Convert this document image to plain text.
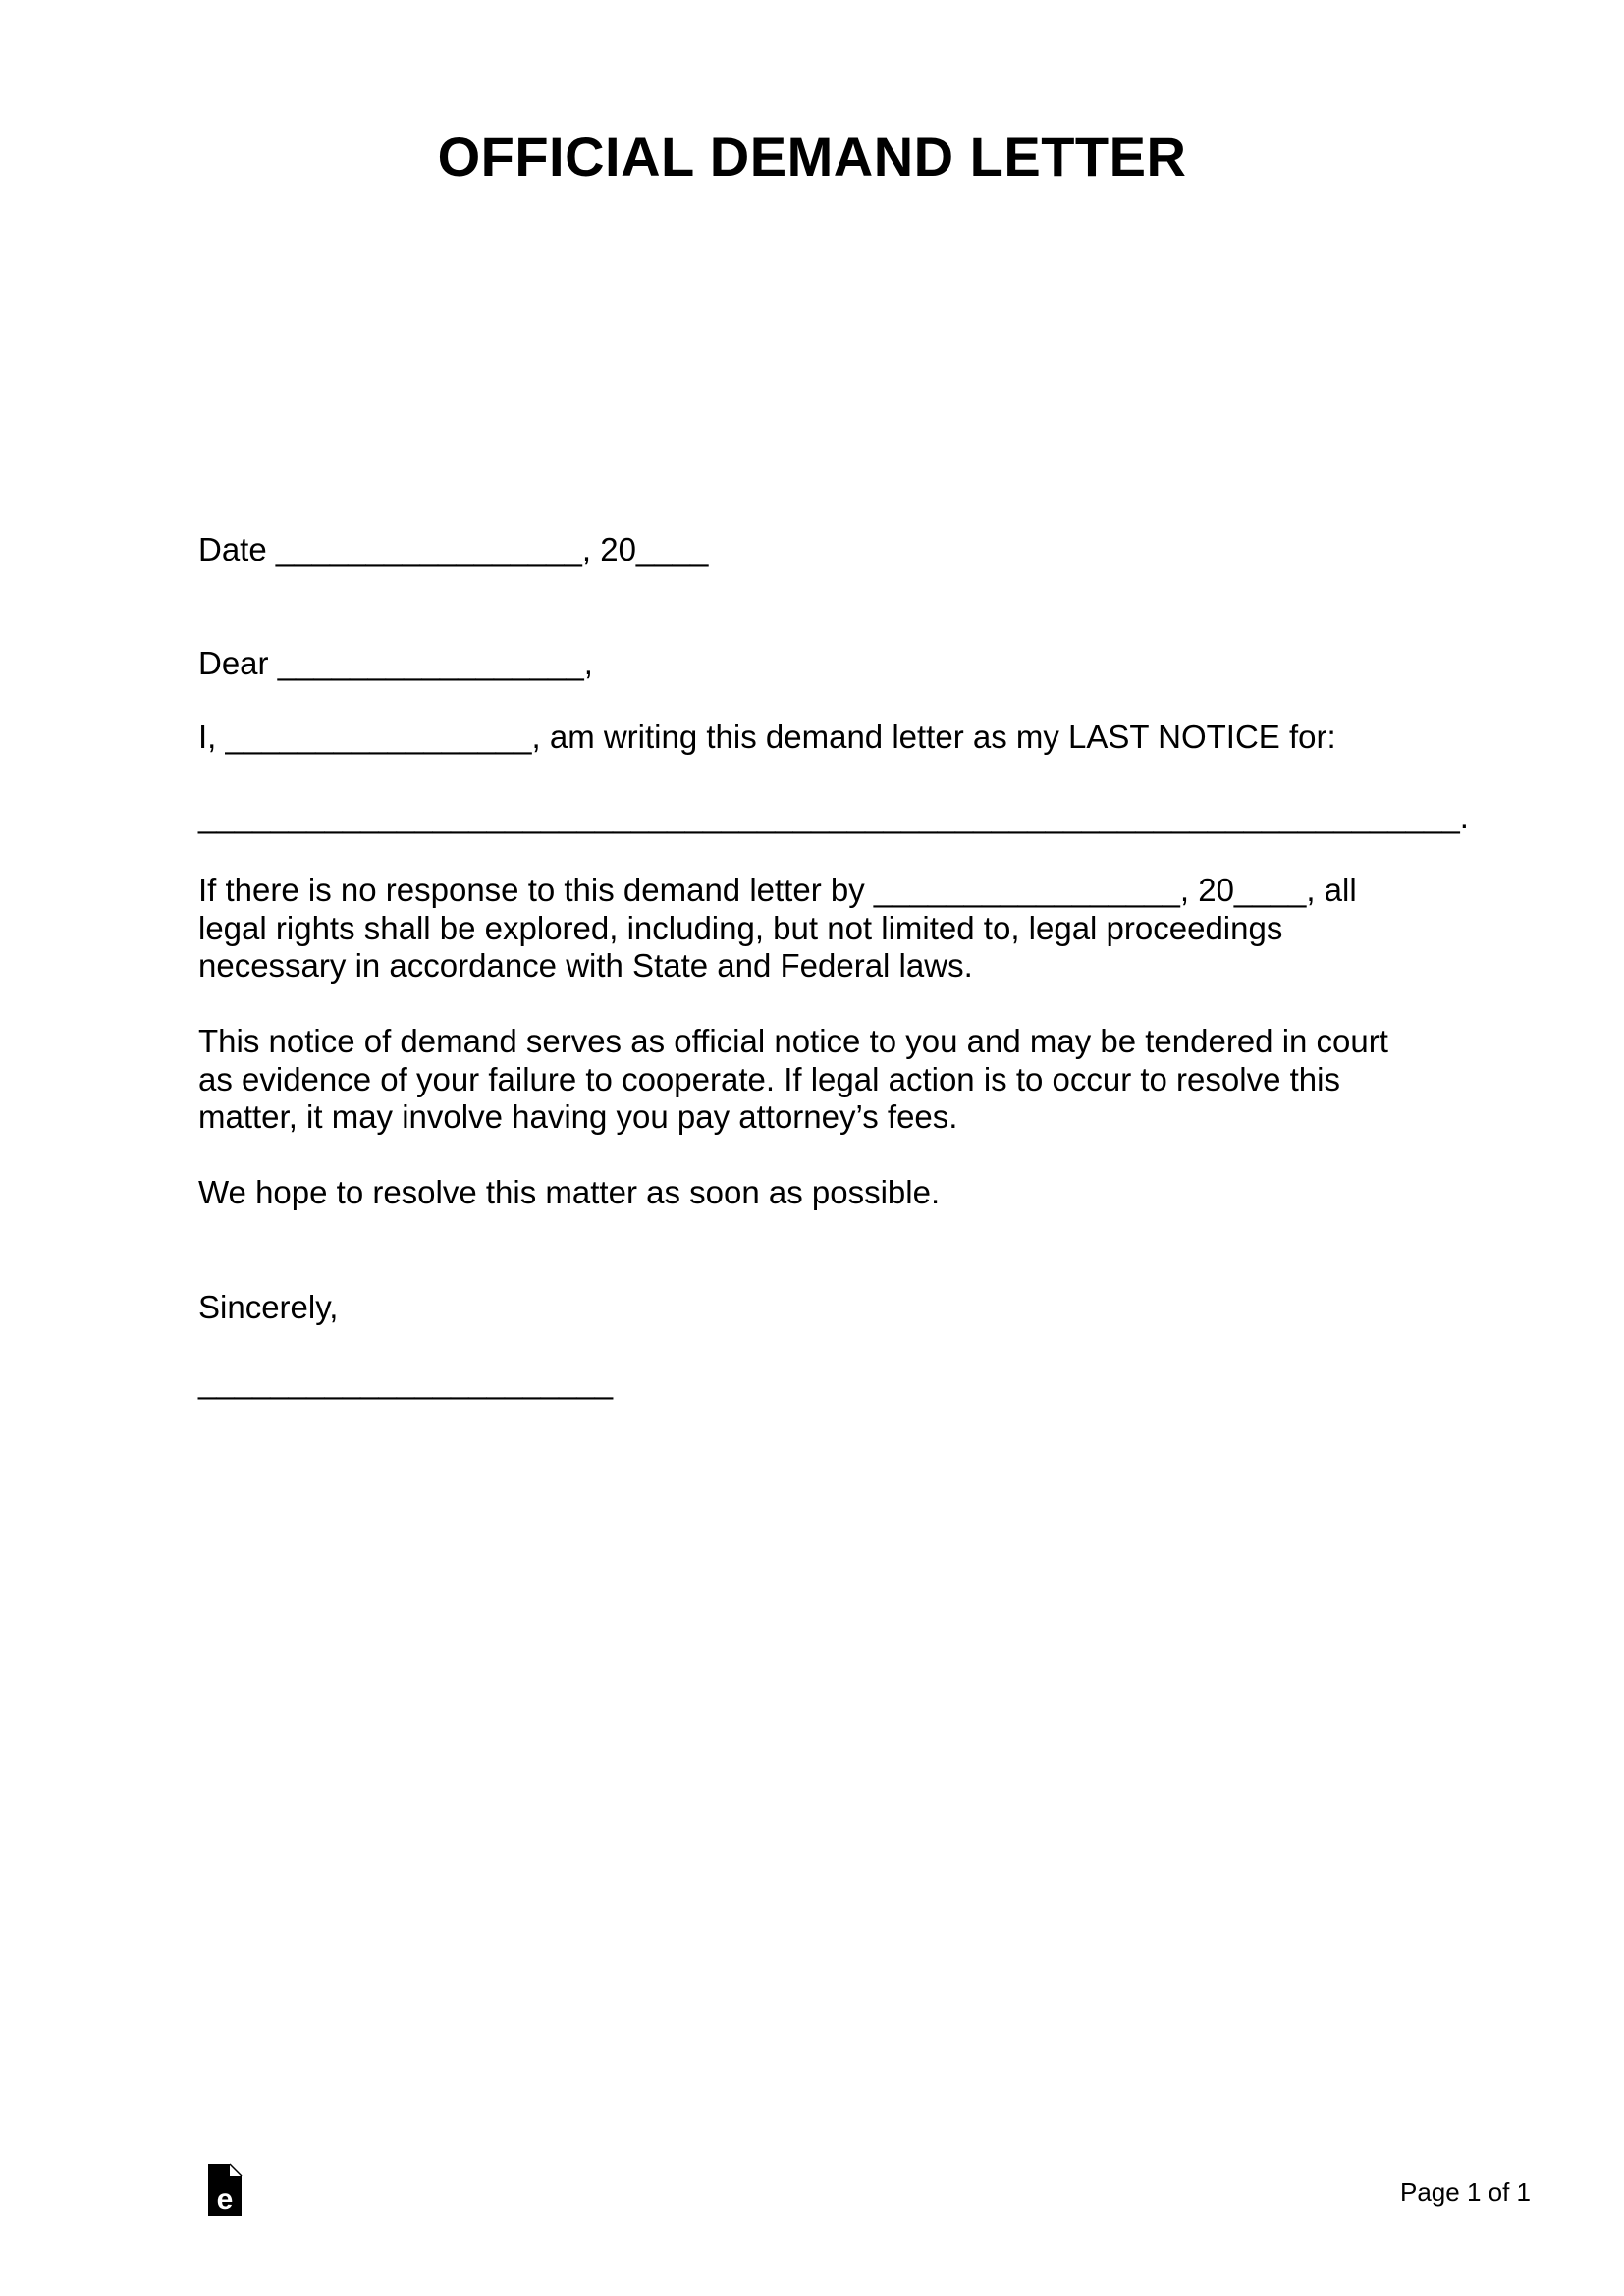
OFFICIAL DEMAND LETTER

Date _________________, 20____

Dear _________________,

I, _________________, am writing this demand letter as my LAST NOTICE for:

______________________________________________________________________.

If there is no response to this demand letter by _________________, 20____, all legal rights shall be explored, including, but not limited to, legal proceedings necessary in accordance with State and Federal laws.

This notice of demand serves as official notice to you and may be tendered in court as evidence of your failure to cooperate. If legal action is to occur to resolve this matter, it may involve having you pay attorney’s fees.

We hope to resolve this matter as soon as possible.

Sincerely,

_______________________

e	Page 1 of 1
